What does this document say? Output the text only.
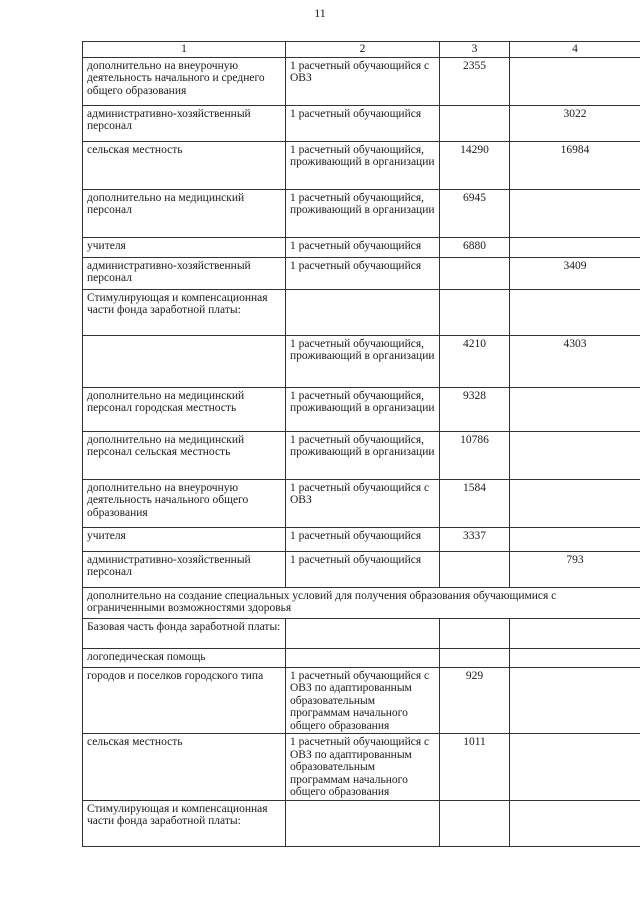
11
1	2	3	4
дополнительно на внеурочную деятельность начального и среднего общего образования	1 расчетный обучающийся с ОВЗ	2355	
административно-хозяйственный персонал	1 расчетный обучающийся		3022
сельская местность	1 расчетный обучающийся, проживающий в организации	14290	16984
дополнительно на медицинский персонал	1 расчетный обучающийся, проживающий в организации	6945	
учителя	1 расчетный обучающийся	6880	
административно-хозяйственный персонал	1 расчетный обучающийся		3409
Стимулирующая и компенсационная части фонда заработной платы:			
	1 расчетный обучающийся, проживающий в организации	4210	4303
дополнительно на медицинский персонал городская местность	1 расчетный обучающийся, проживающий в организации	9328	
дополнительно на медицинский персонал сельская местность	1 расчетный обучающийся, проживающий в организации	10786	
дополнительно на внеурочную деятельность начального общего образования	1 расчетный обучающийся с ОВЗ	1584	
учителя	1 расчетный обучающийся	3337	
административно-хозяйственный персонал	1 расчетный обучающийся		793
дополнительно на создание специальных условий для получения образования обучающимися с ограниченными возможностями здоровья			
Базовая часть фонда заработной платы:			
логопедическая помощь			
городов и поселков городского типа	1 расчетный обучающийся с ОВЗ по адаптированным образовательным программам начального общего образования	929	
сельская местность	1 расчетный обучающийся с ОВЗ по адаптированным образовательным программам начального общего образования	1011	
Стимулирующая и компенсационная части фонда заработной платы:			
